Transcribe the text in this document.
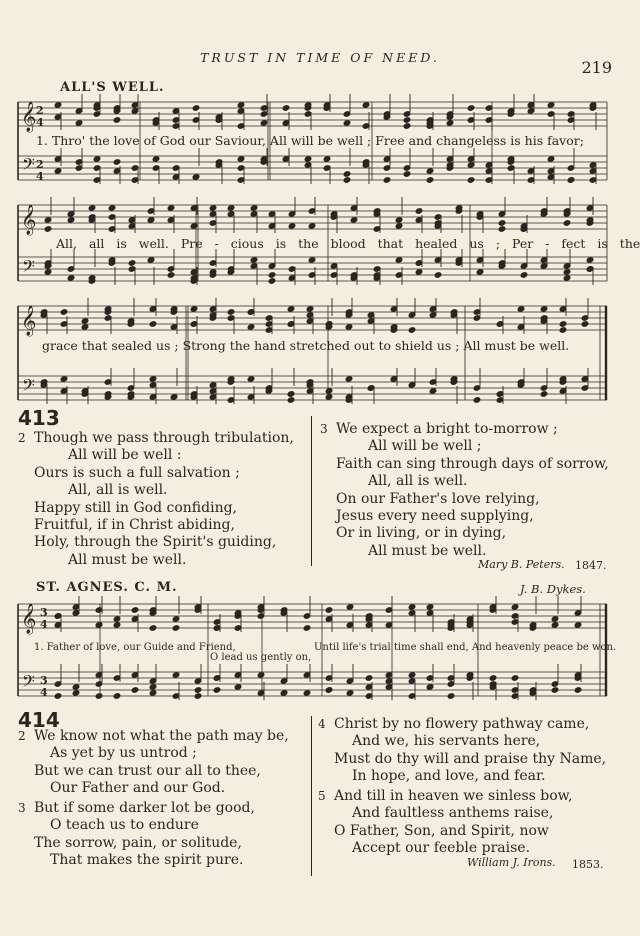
TRUST IN TIME OF NEED.
219
ALL'S WELL.
𝄞
𝄢
𝄞
𝄢
𝄞
𝄢
𝄞
𝄢
2
4
2
4
3
4
3
4
1. Thro' the love of God our Saviour, All will be well ; Free and changeless is his favor;
All, all is well. Pre - cious is the blood that healed us ; Per - fect is the
grace that sealed us ; Strong the hand stretched out to shield us ; All must be well.
413
2 Though we pass through tribulation,
All will be well :
Ours is such a full salvation ;
All, all is well.
Happy still in God confiding,
Fruitful, if in Christ abiding,
Holy, through the Spirit's guiding,
All must be well.
3 We expect a bright to-morrow ;
All will be well ;
Faith can sing through days of sorrow,
All, all is well.
On our Father's love relying,
Jesus every need supplying,
Or in living, or in dying,
All must be well.
Mary B. Peters. 1847.
ST. AGNES. C. M.	J. B. Dykes.
1. Father of love, our Guide and Friend,
O lead us gently on,
Until life's trial time shall end, And heavenly peace be won.
414
2 We know not what the path may be,
As yet by us untrod ;
But we can trust our all to thee,
Our Father and our God.
3 But if some darker lot be good,
O teach us to endure
The sorrow, pain, or solitude,
That makes the spirit pure.
4 Christ by no flowery pathway came,
And we, his servants here,
Must do thy will and praise thy Name,
In hope, and love, and fear.
5 And till in heaven we sinless bow,
And faultless anthems raise,
O Father, Son, and Spirit, now
Accept our feeble praise.
William J. Irons. 1853.
